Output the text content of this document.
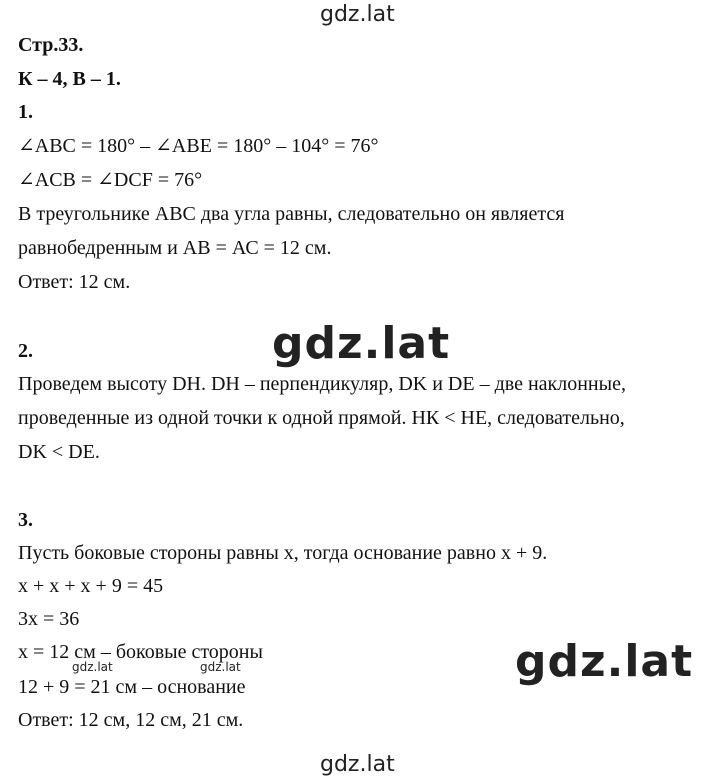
gdz.lat
Стр.33.
К – 4, В – 1.
1.
∠ABC = 180° – ∠ABE = 180° – 104° = 76°
∠ACB = ∠DCF = 76°
В треугольнике АВС два угла равны, следовательно он является
равнобедренным и АВ = АС = 12 см.
Ответ: 12 см.
gdz.lat
2.
Проведем высоту DH. DH – перпендикуляр, DK и DE – две наклонные,
проведенные из одной точки к одной прямой. НК < НЕ, следовательно,
DK < DE.
3.
Пусть боковые стороны равны х, тогда основание равно х + 9.
х + х + х + 9 = 45
3х = 36
х = 12 см – боковые стороны
12 + 9 = 21 см – основание
Ответ: 12 см, 12 см, 21 см.
gdz.lat	gdz.lat	gdz.lat
gdz.lat
